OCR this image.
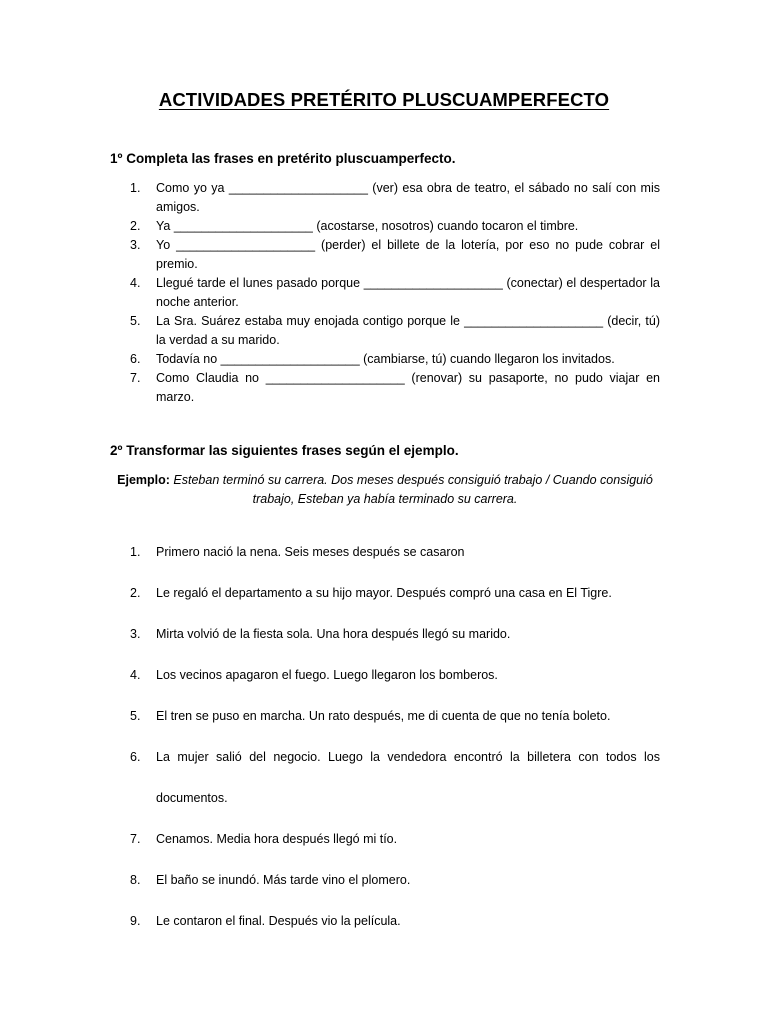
ACTIVIDADES PRETÉRITO PLUSCUAMPERFECTO
1º Completa las frases en pretérito pluscuamperfecto.
1. Como yo ya ____________________ (ver) esa obra de teatro, el sábado no salí con mis amigos.
2. Ya ____________________ (acostarse, nosotros) cuando tocaron el timbre.
3. Yo ____________________ (perder) el billete de la lotería, por eso no pude cobrar el premio.
4. Llegué tarde el lunes pasado porque ____________________ (conectar) el despertador la noche anterior.
5. La Sra. Suárez estaba muy enojada contigo porque le ____________________ (decir, tú) la verdad a su marido.
6. Todavía no ____________________ (cambiarse, tú) cuando llegaron los invitados.
7. Como Claudia no ____________________ (renovar) su pasaporte, no pudo viajar en marzo.
2º Transformar las siguientes frases según el ejemplo.
Ejemplo: Esteban terminó su carrera. Dos meses después consiguió trabajo / Cuando consiguió trabajo, Esteban ya había terminado su carrera.
1. Primero nació la nena. Seis meses después se casaron
2. Le regaló el departamento a su hijo mayor. Después compró una casa en El Tigre.
3. Mirta volvió de la fiesta sola. Una hora después llegó su marido.
4. Los vecinos apagaron el fuego. Luego llegaron los bomberos.
5. El tren se puso en marcha. Un rato después, me di cuenta de que no tenía boleto.
6. La mujer salió del negocio. Luego la vendedora encontró la billetera con todos los documentos.
7. Cenamos. Media hora después llegó mi tío.
8. El baño se inundó. Más tarde vino el plomero.
9. Le contaron el final. Después vio la película.
